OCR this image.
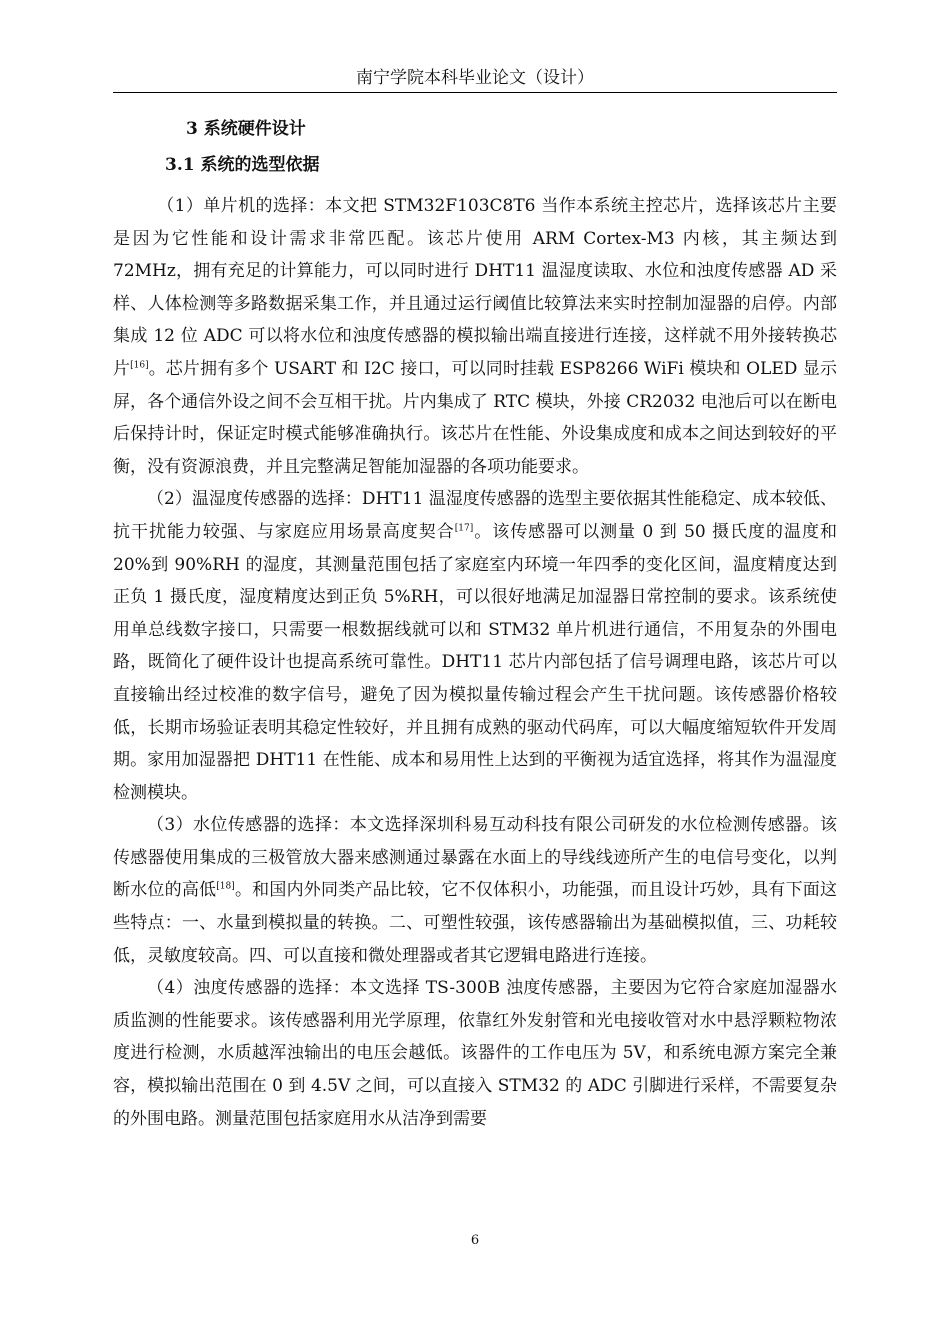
南宁学院本科毕业论文（设计）
3 系统硬件设计
3.1 系统的选型依据

（1）单片机的选择：本文把 STM32F103C8T6 当作本系统主控芯片，选择该芯片主要是因为它性能和设计需求非常匹配。该芯片使用 ARM Cortex-M3 内核，其主频达到 72MHz，拥有充足的计算能力，可以同时进行 DHT11 温湿度读取、水位和浊度传感器 AD 采样、人体检测等多路数据采集工作，并且通过运行阈值比较算法来实时控制加湿器的启停。内部集成 12 位 ADC 可以将水位和浊度传感器的模拟输出端直接进行连接，这样就不用外接转换芯片[16]。芯片拥有多个 USART 和 I2C 接口，可以同时挂载 ESP8266 WiFi 模块和 OLED 显示屏，各个通信外设之间不会互相干扰。片内集成了 RTC 模块，外接 CR2032 电池后可以在断电后保持计时，保证定时模式能够准确执行。该芯片在性能、外设集成度和成本之间达到较好的平衡，没有资源浪费，并且完整满足智能加湿器的各项功能要求。

（2）温湿度传感器的选择：DHT11 温湿度传感器的选型主要依据其性能稳定、成本较低、抗干扰能力较强、与家庭应用场景高度契合[17]。该传感器可以测量 0 到 50 摄氏度的温度和 20%到 90%RH 的湿度，其测量范围包括了家庭室内环境一年四季的变化区间，温度精度达到正负 1 摄氏度，湿度精度达到正负 5%RH，可以很好地满足加湿器日常控制的要求。该系统使用单总线数字接口，只需要一根数据线就可以和 STM32 单片机进行通信，不用复杂的外围电路，既简化了硬件设计也提高系统可靠性。DHT11 芯片内部包括了信号调理电路，该芯片可以直接输出经过校准的数字信号，避免了因为模拟量传输过程会产生干扰问题。该传感器价格较低，长期市场验证表明其稳定性较好，并且拥有成熟的驱动代码库，可以大幅度缩短软件开发周期。家用加湿器把 DHT11 在性能、成本和易用性上达到的平衡视为适宜选择，将其作为温湿度检测模块。

（3）水位传感器的选择：本文选择深圳科易互动科技有限公司研发的水位检测传感器。该传感器使用集成的三极管放大器来感测通过暴露在水面上的导线线迹所产生的电信号变化，以判断水位的高低[18]。和国内外同类产品比较，它不仅体积小，功能强，而且设计巧妙，具有下面这些特点：一、水量到模拟量的转换。二、可塑性较强，该传感器输出为基础模拟值，三、功耗较低，灵敏度较高。四、可以直接和微处理器或者其它逻辑电路进行连接。

（4）浊度传感器的选择：本文选择 TS-300B 浊度传感器，主要因为它符合家庭加湿器水质监测的性能要求。该传感器利用光学原理，依靠红外发射管和光电接收管对水中悬浮颗粒物浓度进行检测，水质越浑浊输出的电压会越低。该器件的工作电压为 5V，和系统电源方案完全兼容，模拟输出范围在 0 到 4.5V 之间，可以直接入 STM32 的 ADC 引脚进行采样，不需要复杂的外围电路。测量范围包括家庭用水从洁净到需要

6
